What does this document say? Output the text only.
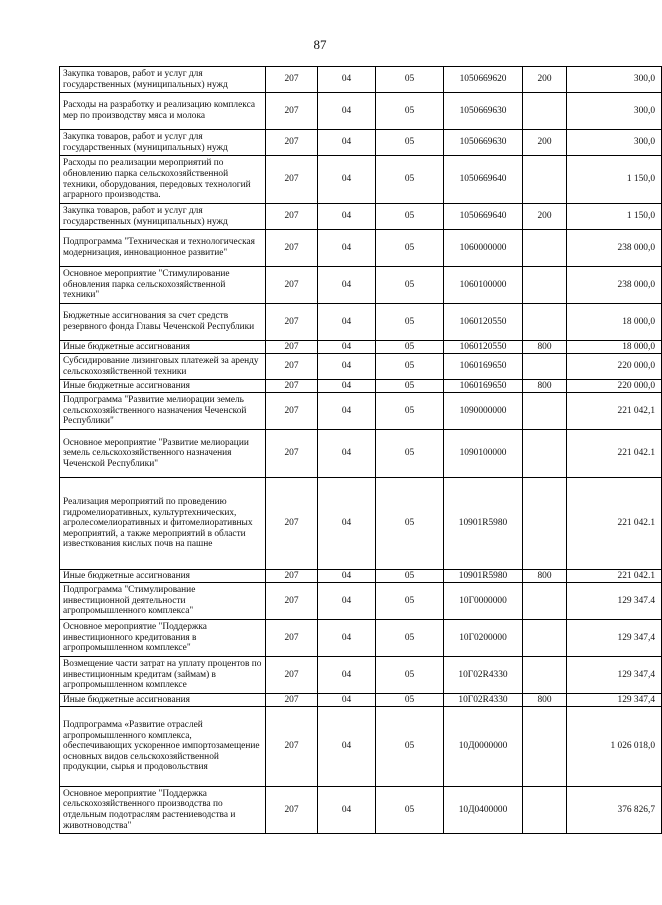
87
Закупка товаров, работ и услуг для государственных (муниципальных) нужд	207	04	05	1050669620	200	300,0
Расходы на разработку и реализацию комплекса мер по производству мяса и молока	207	04	05	1050669630		300,0
Закупка товаров, работ и услуг для государственных (муниципальных) нужд	207	04	05	1050669630	200	300,0
Расходы по реализации мероприятий по обновлению парка сельскохозяйственной техники, оборудования, передовых технологий аграрного производства.	207	04	05	1050669640		1 150,0
Закупка товаров, работ и услуг для государственных (муниципальных) нужд	207	04	05	1050669640	200	1 150,0
Подпрограмма "Техническая и технологическая модернизация, инновационное развитие"	207	04	05	1060000000		238 000,0
Основное мероприятие "Стимулирование обновления парка сельскохозяйственной техники"	207	04	05	1060100000		238 000,0
Бюджетные ассигнования за счет средств резервного фонда Главы Чеченской Республики	207	04	05	1060120550		18 000,0
Иные бюджетные ассигнования	207	04	05	1060120550	800	18 000,0
Субсидирование лизинговых платежей за аренду сельскохозяйственной техники	207	04	05	1060169650		220 000,0
Иные бюджетные ассигнования	207	04	05	1060169650	800	220 000,0
Подпрограмма "Развитие мелиорации земель сельскохозяйственного назначения Чеченской Республики"	207	04	05	1090000000		221 042,1
Основное мероприятие "Развитие мелиорации земель сельскохозяйственного назначения Чеченской Республики"	207	04	05	1090100000		221 042.1
Реализация мероприятий по проведению гидромелиоративных, культуртехнических, агролесомелиоративных и фитомелиоративных мероприятий, а также мероприятий в области известкования кислых почв на пашне	207	04	05	10901R5980		221 042.1
Иные бюджетные ассигнования	207	04	05	10901R5980	800	221 042.1
Подпрограмма "Стимулирование инвестиционной деятельности агропромышленного комплекса"	207	04	05	10Г0000000		129 347.4
Основное мероприятие "Поддержка инвестиционного кредитования в агропромышленном комплексе"	207	04	05	10Г0200000		129 347,4
Возмещение части затрат на уплату процентов по инвестиционным кредитам (займам) в агропромышленном комплексе	207	04	05	10Г02R4330		129 347,4
Иные бюджетные ассигнования	207	04	05	10Г02R4330	800	129 347,4
Подпрограмма «Развитие отраслей агропромышленного комплекса, обеспечивающих ускоренное импортозамещение основных видов сельскохозяйственной продукции, сырья и продовольствия	207	04	05	10Д0000000		1 026 018,0
Основное мероприятие "Поддержка сельскохозяйственного производства по отдельным подотраслям растениеводства и животноводства"	207	04	05	10Д0400000		376 826,7
